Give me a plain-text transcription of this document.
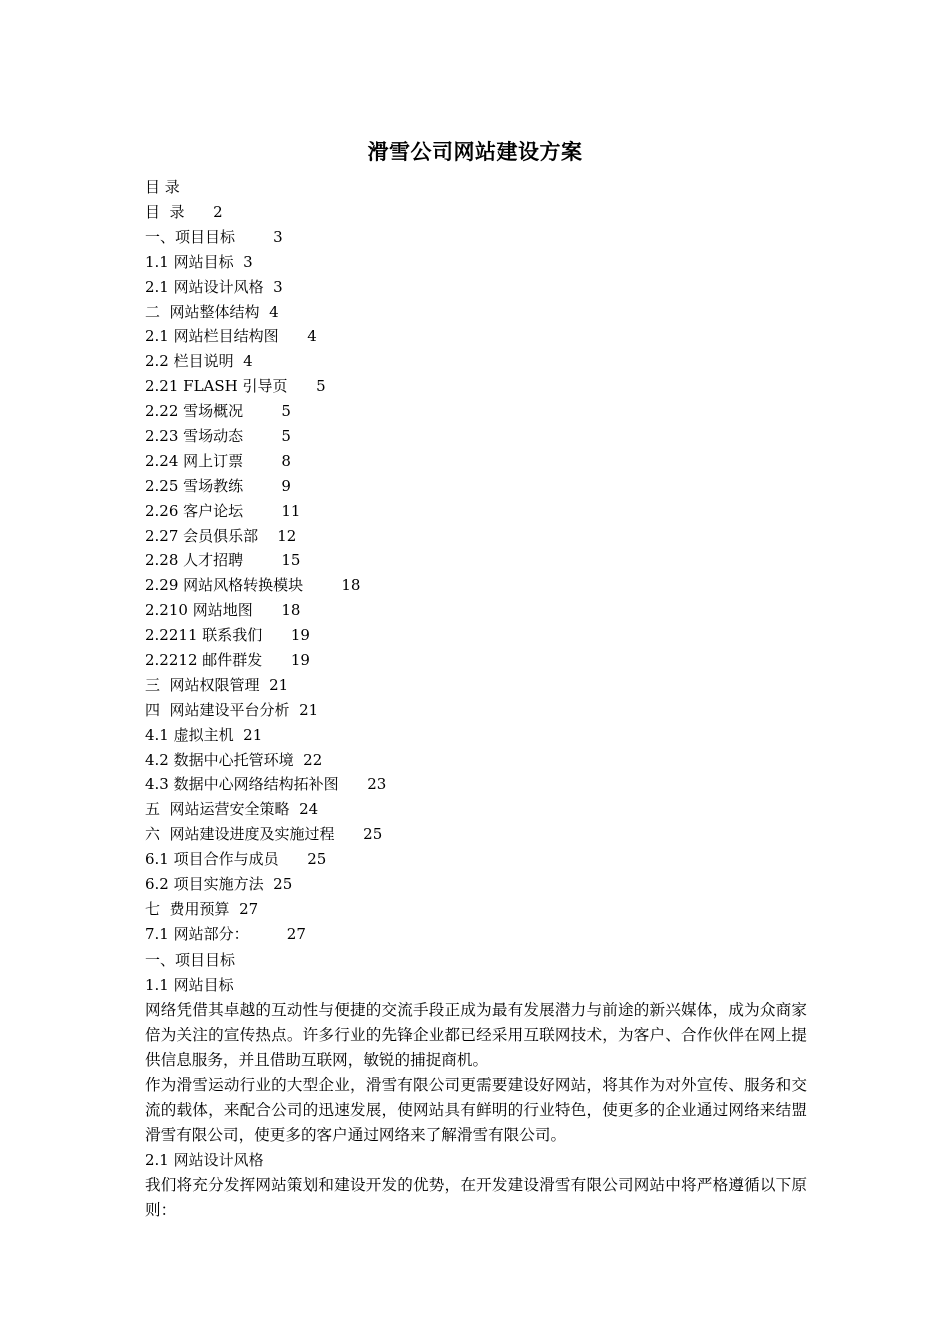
滑雪公司网站建设方案
目 录
目  录 2
一、项目目标	3
1.1 网站目标 3
2.1 网站设计风格 3
二  网站整体结构 4
2.1 网站栏目结构图 4
2.2 栏目说明 4
2.21 FLASH 引导页 5
2.22 雪场概况	5
2.23 雪场动态	5
2.24 网上订票	8
2.25 雪场教练	9
2.26 客户论坛	11
2.27 会员俱乐部 12
2.28 人才招聘	15
2.29 网站风格转换模块	18
2.210 网站地图 18
2.2211 联系我们 19
2.2212 邮件群发 19
三  网站权限管理 21
四  网站建设平台分析 21
4.1 虚拟主机 21
4.2 数据中心托管环境 22
4.3 数据中心网络结构拓补图 23
五  网站运营安全策略 24
六  网站建设进度及实施过程 25
6.1 项目合作与成员 25
6.2 项目实施方法 25
七  费用预算 27
7.1 网站部分：	27
一、项目目标
1.1 网站目标

网络凭借其卓越的互动性与便捷的交流手段正成为最有发展潜力与前途的新兴媒体，成为众商家倍为关注的宣传热点。许多行业的先锋企业都已经采用互联网技术，为客户、合作伙伴在网上提供信息服务，并且借助互联网，敏锐的捕捉商机。

作为滑雪运动行业的大型企业，滑雪有限公司更需要建设好网站，将其作为对外宣传、服务和交流的载体，来配合公司的迅速发展，使网站具有鲜明的行业特色，使更多的企业通过网络来结盟滑雪有限公司，使更多的客户通过网络来了解滑雪有限公司。

2.1 网站设计风格

我们将充分发挥网站策划和建设开发的优势，在开发建设滑雪有限公司网站中将严格遵循以下原则：
